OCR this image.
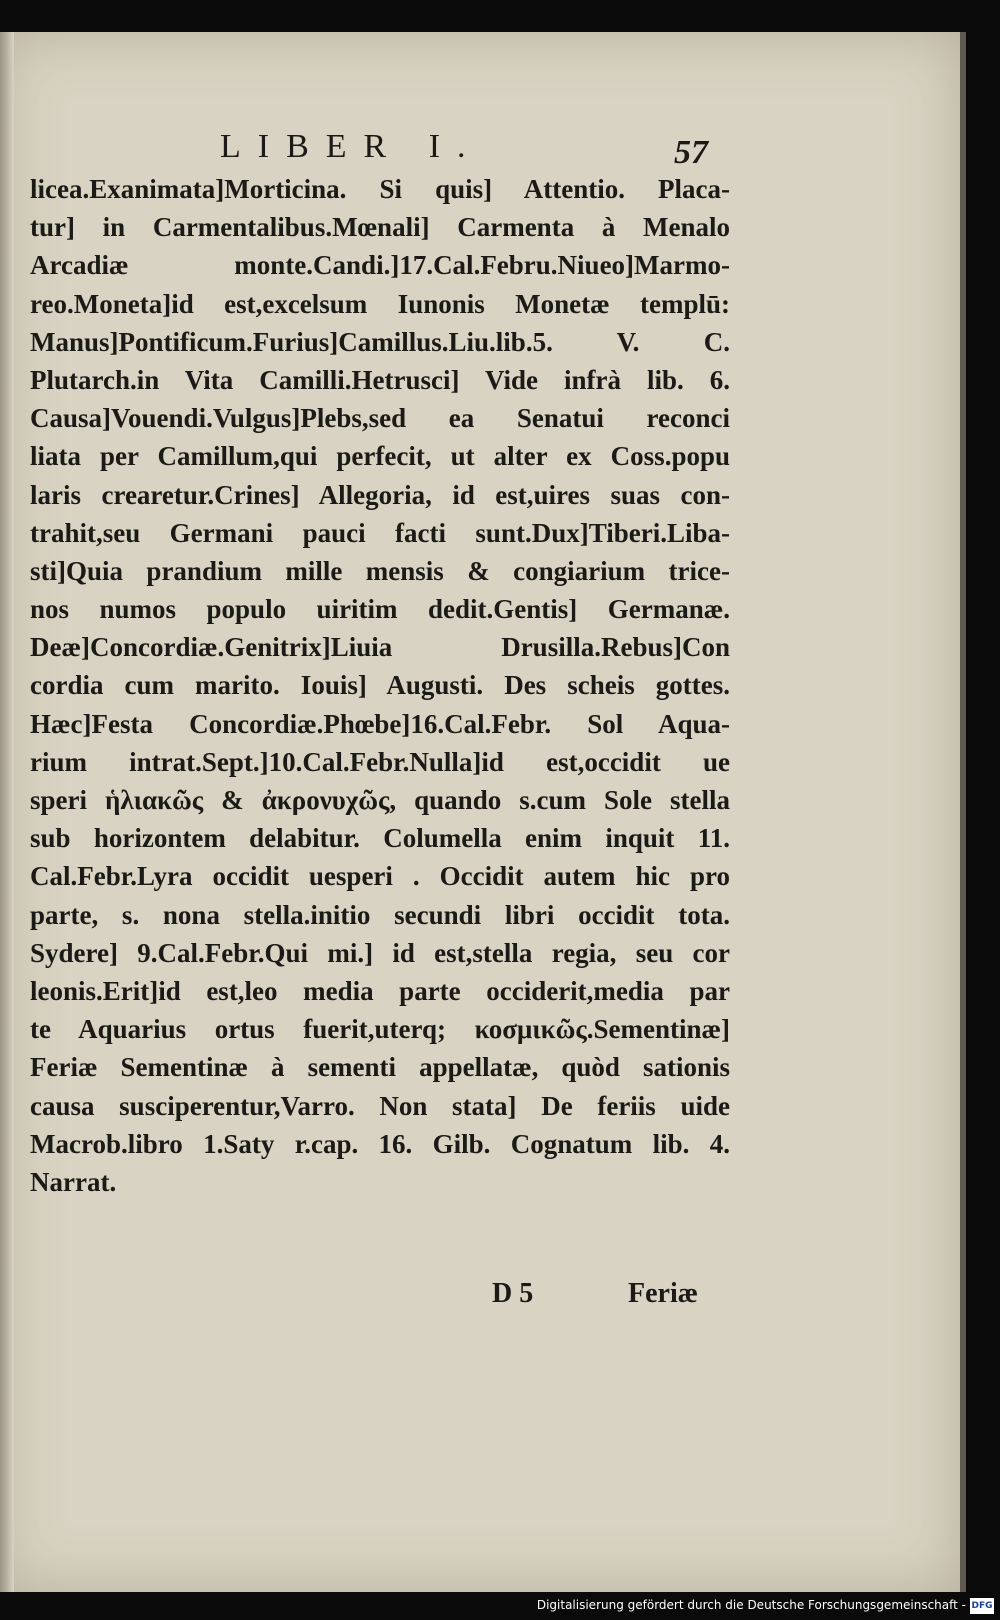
LIBER I.	57
licea.Exanimata]Morticina. Si quis] Attentio. Placa-
tur] in Carmentalibus.Mœnali] Carmenta à Menalo
Arcadiæ monte.Candi.]17.Cal.Febru.Niueo]Marmo-
reo.Moneta]id est,excelsum Iunonis Monetæ templū:
Manus]Pontificum.Furius]Camillus.Liu.lib.5. V. C.
Plutarch.in Vita Camilli.Hetrusci] Vide infrà lib. 6.
Causa]Vouendi.Vulgus]Plebs,sed ea Senatui reconci
liata per Camillum,qui perfecit, ut alter ex Coss.popu
laris crearetur.Crines] Allegoria, id est,uires suas con-
trahit,seu Germani pauci facti sunt.Dux]Tiberi.Liba-
sti]Quia prandium mille mensis & congiarium trice-
nos numos populo uiritim dedit.Gentis] Germanæ.
Deæ]Concordiæ.Genitrix]Liuia Drusilla.Rebus]Con
cordia cum marito. Iouis] Augusti. Des scheis gottes.
Hæc]Festa Concordiæ.Phœbe]16.Cal.Febr. Sol Aqua-
rium intrat.Sept.]10.Cal.Febr.Nulla]id est,occidit ue
speri ἡλιακῶς & ἀκρονυχῶς, quando s.cum Sole stella
sub horizontem delabitur. Columella enim inquit 11.
Cal.Febr.Lyra occidit uesperi . Occidit autem hic pro
parte, s. nona stella.initio secundi libri occidit tota.
Sydere] 9.Cal.Febr.Qui mi.] id est,stella regia, seu cor
leonis.Erit]id est,leo media parte occiderit,media par
te Aquarius ortus fuerit,uterq; κοσμικῶς.Sementinæ]
Feriæ Sementinæ à sementi appellatæ, quòd sationis
causa susciperentur,Varro. Non stata] De feriis uide
Macrob.libro 1.Saty r.cap. 16. Gilb. Cognatum lib. 4.
Narrat.
D 5	Feriæ
Digitalisierung gefördert durch die Deutsche Forschungsgemeinschaft - DFG
